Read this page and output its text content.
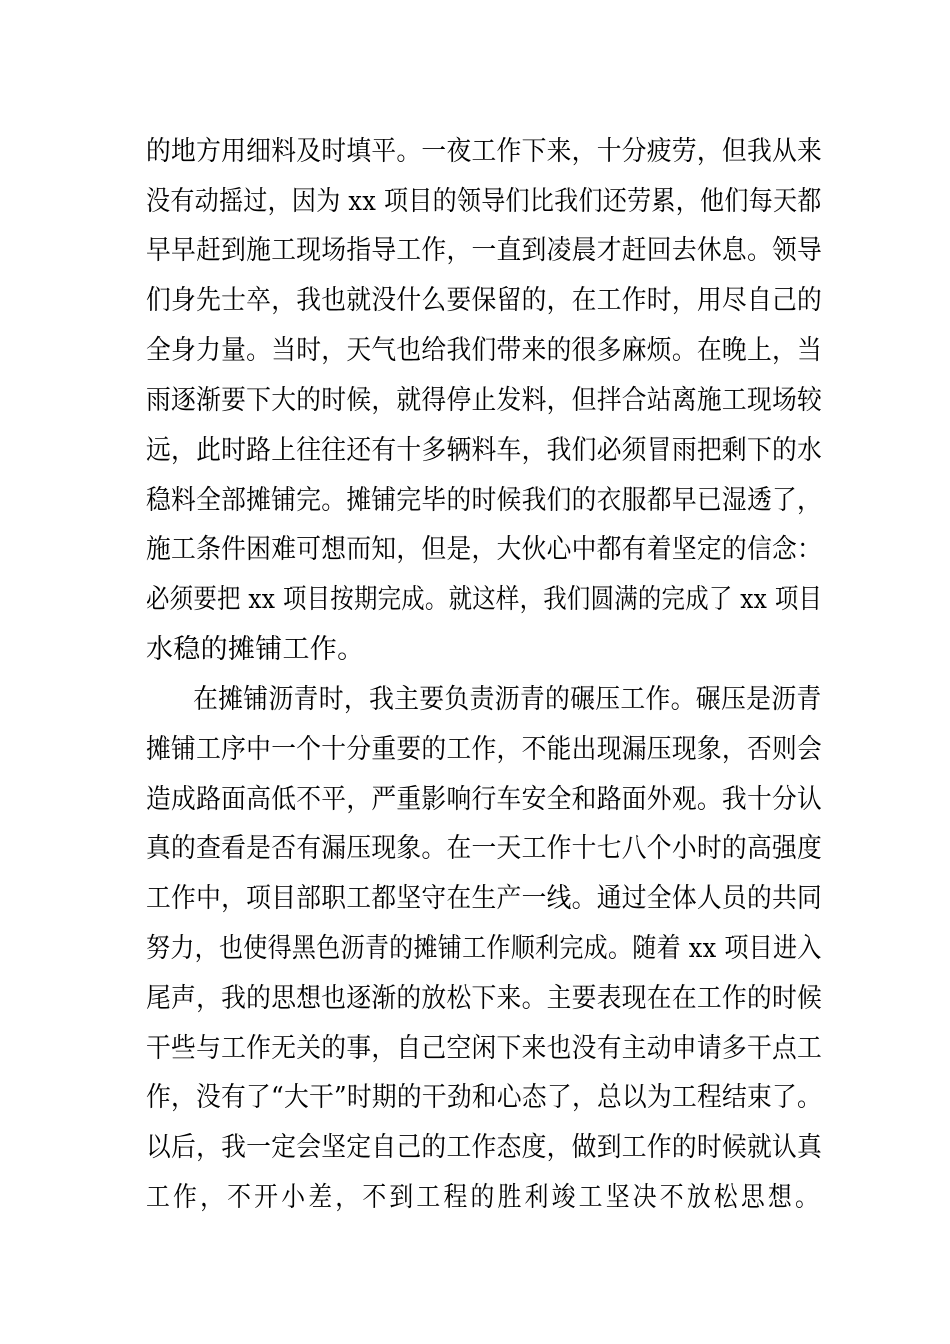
的地方用细料及时填平。一夜工作下来，十分疲劳，但我从来
没有动摇过，因为 xx 项目的领导们比我们还劳累，他们每天都
早早赶到施工现场指导工作，一直到凌晨才赶回去休息。领导
们身先士卒，我也就没什么要保留的，在工作时，用尽自己的
全身力量。当时，天气也给我们带来的很多麻烦。在晚上，当
雨逐渐要下大的时候，就得停止发料，但拌合站离施工现场较
远，此时路上往往还有十多辆料车，我们必须冒雨把剩下的水
稳料全部摊铺完。摊铺完毕的时候我们的衣服都早已湿透了，
施工条件困难可想而知，但是，大伙心中都有着坚定的信念：
必须要把 xx 项目按期完成。就这样，我们圆满的完成了 xx 项目
水稳的摊铺工作。
在摊铺沥青时，我主要负责沥青的碾压工作。碾压是沥青
摊铺工序中一个十分重要的工作，不能出现漏压现象，否则会
造成路面高低不平，严重影响行车安全和路面外观。我十分认
真的查看是否有漏压现象。在一天工作十七八个小时的高强度
工作中，项目部职工都坚守在生产一线。通过全体人员的共同
努力，也使得黑色沥青的摊铺工作顺利完成。随着 xx 项目进入
尾声，我的思想也逐渐的放松下来。主要表现在在工作的时候
干些与工作无关的事，自己空闲下来也没有主动申请多干点工
作，没有了“大干”时期的干劲和心态了，总以为工程结束了。
以后，我一定会坚定自己的工作态度，做到工作的时候就认真
工作，不开小差，不到工程的胜利竣工坚决不放松思想。
